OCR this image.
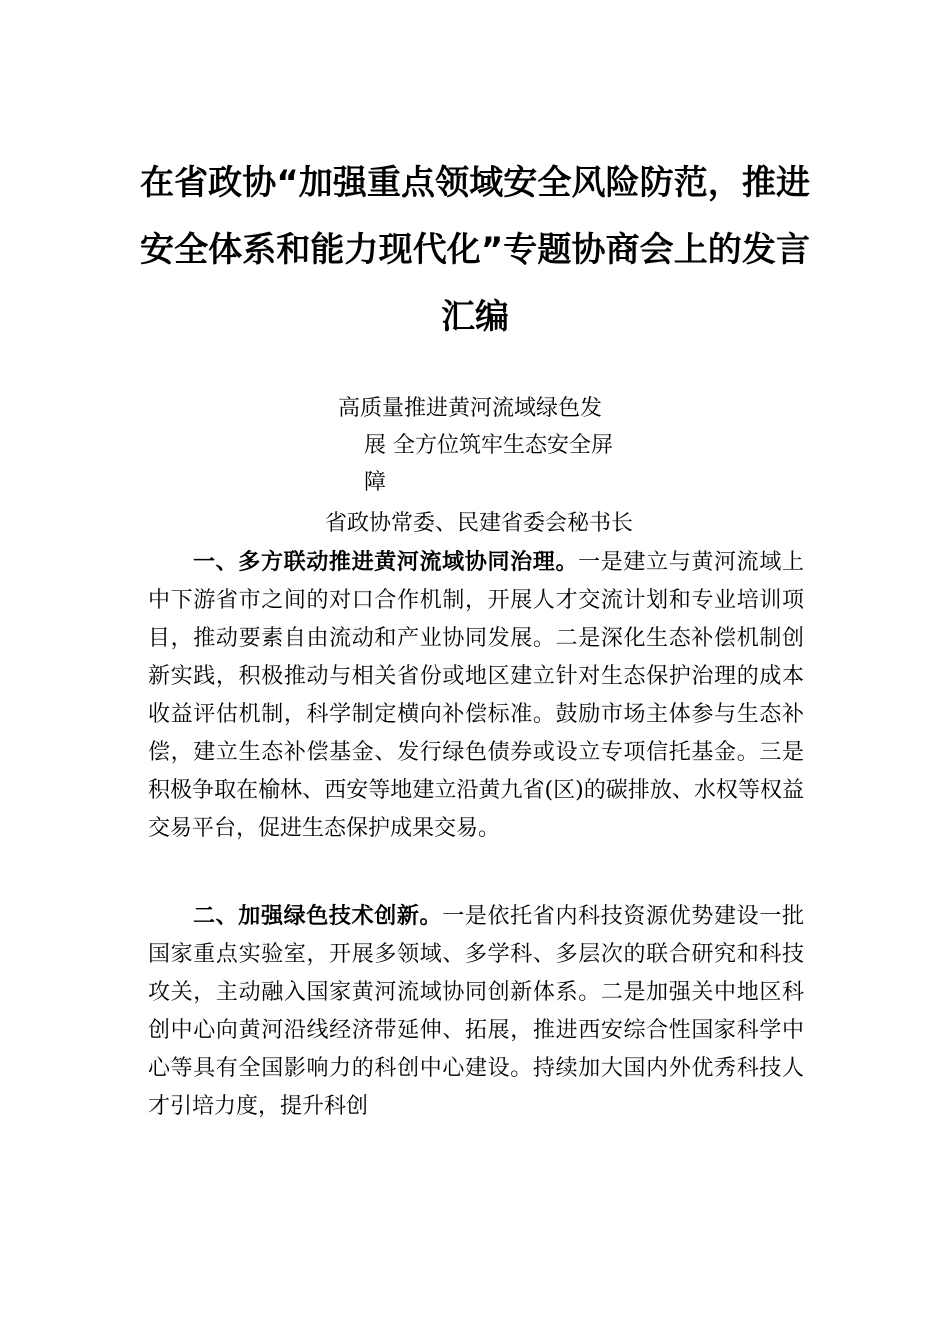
在省政协“加强重点领域安全风险防范，推进安全体系和能力现代化”专题协商会上的发言汇编
高质量推进黄河流域绿色发
展 全方位筑牢生态安全屏
障
省政协常委、民建省委会秘书长

一、多方联动推进黄河流域协同治理。一是建立与黄河流域上中下游省市之间的对口合作机制，开展人才交流计划和专业培训项目，推动要素自由流动和产业协同发展。二是深化生态补偿机制创新实践，积极推动与相关省份或地区建立针对生态保护治理的成本收益评估机制，科学制定横向补偿标准。鼓励市场主体参与生态补偿，建立生态补偿基金、发行绿色债券或设立专项信托基金。三是积极争取在榆林、西安等地建立沿黄九省(区)的碳排放、水权等权益交易平台，促进生态保护成果交易。

二、加强绿色技术创新。一是依托省内科技资源优势建设一批国家重点实验室，开展多领域、多学科、多层次的联合研究和科技攻关，主动融入国家黄河流域协同创新体系。二是加强关中地区科创中心向黄河沿线经济带延伸、拓展，推进西安综合性国家科学中心等具有全国影响力的科创中心建设。持续加大国内外优秀科技人才引培力度，提升科创
